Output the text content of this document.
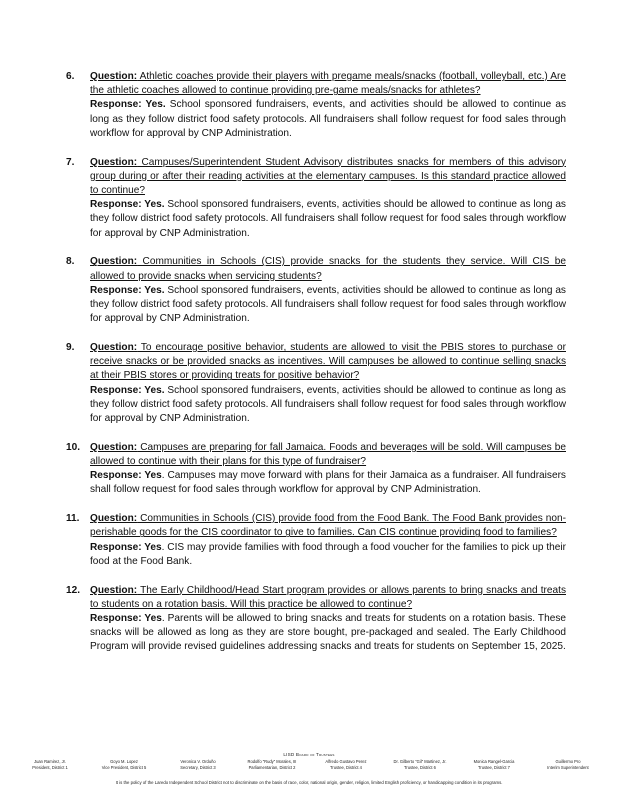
6. Question: Athletic coaches provide their players with pregame meals/snacks (football, volleyball, etc.) Are the athletic coaches allowed to continue providing pre-game meals/snacks for athletes?
Response: Yes. School sponsored fundraisers, events, and activities should be allowed to continue as long as they follow district food safety protocols. All fundraisers shall follow request for food sales through workflow for approval by CNP Administration.
7. Question: Campuses/Superintendent Student Advisory distributes snacks for members of this advisory group during or after their reading activities at the elementary campuses. Is this standard practice allowed to continue?
Response: Yes. School sponsored fundraisers, events, activities should be allowed to continue as long as they follow district food safety protocols. All fundraisers shall follow request for food sales through workflow for approval by CNP Administration.
8. Question: Communities in Schools (CIS) provide snacks for the students they service. Will CIS be allowed to provide snacks when servicing students?
Response: Yes. School sponsored fundraisers, events, activities should be allowed to continue as long as they follow district food safety protocols. All fundraisers shall follow request for food sales through workflow for approval by CNP Administration.
9. Question: To encourage positive behavior, students are allowed to visit the PBIS stores to purchase or receive snacks or be provided snacks as incentives. Will campuses be allowed to continue selling snacks at their PBIS stores or providing treats for positive behavior?
Response: Yes. School sponsored fundraisers, events, activities should be allowed to continue as long as they follow district food safety protocols. All fundraisers shall follow request for food sales through workflow for approval by CNP Administration.
10. Question: Campuses are preparing for fall Jamaica. Foods and beverages will be sold. Will campuses be allowed to continue with their plans for this type of fundraiser?
Response: Yes. Campuses may move forward with plans for their Jamaica as a fundraiser. All fundraisers shall follow request for food sales through workflow for approval by CNP Administration.
11. Question: Communities in Schools (CIS) provide food from the Food Bank. The Food Bank provides non-perishable goods for the CIS coordinator to give to families. Can CIS continue providing food to families?
Response: Yes. CIS may provide families with food through a food voucher for the families to pick up their food at the Food Bank.
12. Question: The Early Childhood/Head Start program provides or allows parents to bring snacks and treats to students on a rotation basis. Will this practice be allowed to continue?
Response: Yes. Parents will be allowed to bring snacks and treats for students on a rotation basis. These snacks will be allowed as long as they are store bought, pre-packaged and sealed. The Early Childhood Program will provide revised guidelines addressing snacks and treats for students on September 15, 2025.
LISD Board of Trustees
Juan Ramirez, Jr.
President, District 1
Goyo M. Lopez
Vice President, District 5
Veronica V. Orduño
Secretary, District 3
Rodolfo “Rudy” Morales, III
Parliamentarian, District 2
Alfredo Gustavo Perez
Trustee, District 4
Dr. Gilberto “Gil” Martinez, Jr.
Trustee, District 6
Monica Rangel-Garcia
Trustee, District 7
Guillermo Pro
Interim Superintendent
It is the policy of the Laredo Independent School District not to discriminate on the basis of race, color, national origin, gender, religion, limited English proficiency, or handicapping condition in its programs.
